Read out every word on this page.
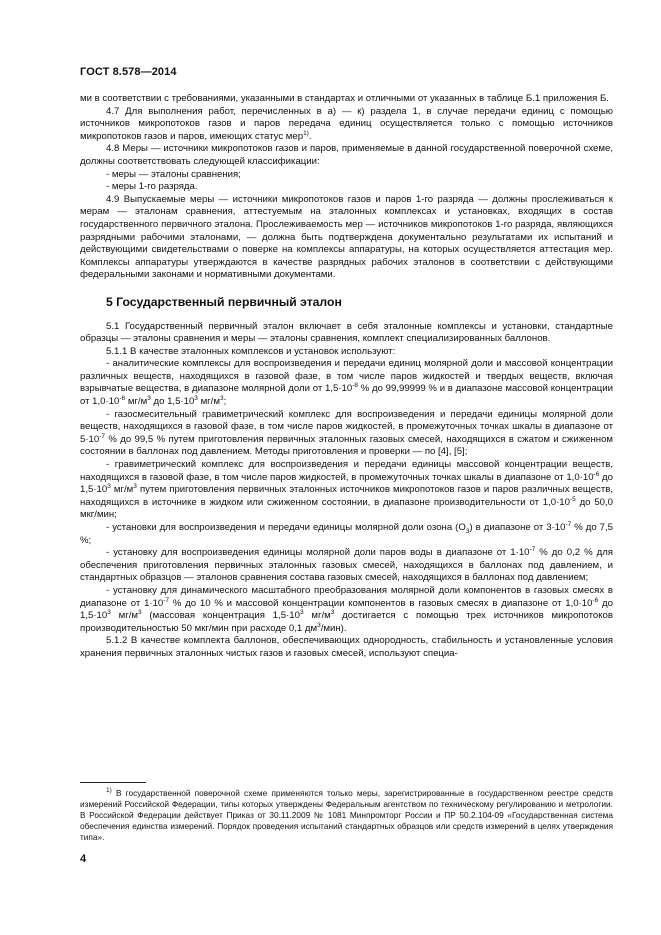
ГОСТ 8.578—2014

ми в соответствии с требованиями, указанными в стандартах и отличными от указанных в таблице Б.1 приложения Б.

4.7 Для выполнения работ, перечисленных в а) — к) раздела 1, в случае передачи единиц с помощью источников микропотоков газов и паров передача единиц осуществляется только с помощью источников микропотоков газов и паров, имеющих статус мер$^{1)}$.

4.8 Меры — источники микропотоков газов и паров, применяемые в данной государственной поверочной схеме, должны соответствовать следующей классификации:

- меры — эталоны сравнения;

- меры 1-го разряда.

4.9 Выпускаемые меры — источники микропотоков газов и паров 1-го разряда — должны прослеживаться к мерам — эталонам сравнения, аттестуемым на эталонных комплексах и установках, входящих в состав государственного первичного эталона. Прослеживаемость мер — источников микропотоков 1-го разряда, являющихся разрядными рабочими эталонами, — должна быть подтверждена документально результатами их испытаний и действующими свидетельствами о поверке на комплексы аппаратуры, на которых осуществляется аттестация мер. Комплексы аппаратуры утверждаются в качестве разрядных рабочих эталонов в соответствии с действующими федеральными законами и нормативными документами.

5 Государственный первичный эталон

5.1 Государственный первичный эталон включает в себя эталонные комплексы и установки, стандартные образцы — эталоны сравнения и меры — эталоны сравнения, комплект специализированных баллонов.

5.1.1 В качестве эталонных комплексов и установок используют:

- аналитические комплексы для воспроизведения и передачи единиц молярной доли и массовой концентрации различных веществ, находящихся в газовой фазе, в том числе паров жидкостей и твердых веществ, включая взрывчатые вещества, в диапазоне молярной доли от $1,5\cdot 10^{-8}$ % до 99,99999 % и в диапазоне массовой концентрации от $1,0\cdot 10^{-6}$ $мг/м^3$ до $1,5\cdot 10^3$ $мг/м^3$;

- газосмесительный гравиметрический комплекс для воспроизведения и передачи единицы молярной доли веществ, находящихся в газовой фазе, в том числе паров жидкостей, в промежуточных точках шкалы в диапазоне от $5\cdot 10^{-7}$ % до 99,5 % путем приготовления первичных эталонных газовых смесей, находящихся в сжатом и сжиженном состоянии в баллонах под давлением. Методы приготовления и проверки — по [4], [5];

- гравиметрический комплекс для воспроизведения и передачи единицы массовой концентрации веществ, находящихся в газовой фазе, в том числе паров жидкостей, в промежуточных точках шкалы в диапазоне от $1,0\cdot 10^{-6}$ до $1,5\cdot 10^3$ $мг/м^3$ путем приготовления первичных эталонных источников микропотоков газов и паров различных веществ, находящихся в источнике в жидком или сжиженном состоянии, в диапазоне производительности от $1,0\cdot 10^{-5}$ до 50,0 мкг/мин;

- установки для воспроизведения и передачи единицы молярной доли озона $(O_3)$ в диапазоне от $3\cdot 10^{-7}$ % до 7,5 %;

- установку для воспроизведения единицы молярной доли паров воды в диапазоне от $1\cdot 10^{-7}$ % до 0,2 % для обеспечения приготовления первичных эталонных газовых смесей, находящихся в баллонах под давлением, и стандартных образцов — эталонов сравнения состава газовых смесей, находящихся в баллонах под давлением;

- установку для динамического масштабного преобразования молярной доли компонентов в газовых смесях в диапазоне от $1\cdot 10^{-7}$ % до 10 % и массовой концентрации компонентов в газовых смесях в диапазоне от $1,0\cdot 10^{-6}$ до $1,5\cdot 10^3$ $мг/м^3$ (массовая концентрация $1,5\cdot 10^3$ $мг/м^3$ достигается с помощью трех источников микропотоков производительностью 50 мкг/мин при расходе 0,1 $дм^3/мин$).

5.1.2 В качестве комплекта баллонов, обеспечивающих однородность, стабильность и установленные условия хранения первичных эталонных чистых газов и газовых смесей, используют специа-

$^{1)}$ В государственной поверочной схеме применяются только меры, зарегистрированные в государственном реестре средств измерений Российской Федерации, типы которых утверждены Федеральным агентством по техническому регулированию и метрологии. В Российской Федерации действует Приказ от 30.11.2009 № 1081 Минпромторг России и ПР 50.2.104-09 «Государственная система обеспечения единства измерений. Порядок проведения испытаний стандартных образцов или средств измерений в целях утверждения типа».
4
